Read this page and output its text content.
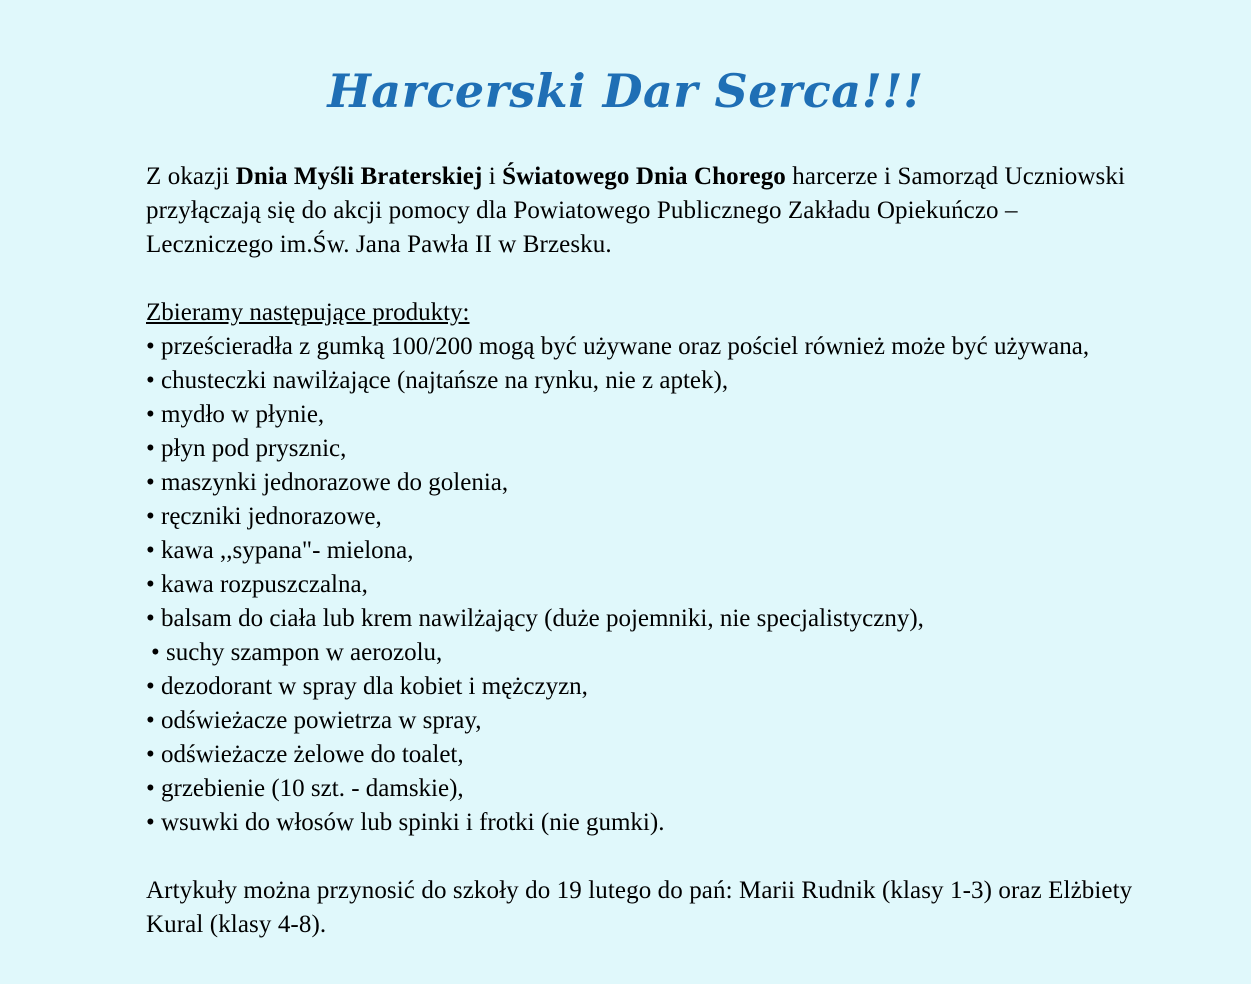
Harcerski Dar Serca!!!

Z okazji Dnia Myśli Braterskiej i Światowego Dnia Chorego harcerze i Samorząd Uczniowski przyłączają się do akcji pomocy dla Powiatowego Publicznego Zakładu Opiekuńczo – Leczniczego im.Św. Jana Pawła II w Brzesku.

Zbieramy następujące produkty:

• prześcieradła z gumką 100/200 mogą być używane oraz pościel również może być używana,
• chusteczki nawilżające (najtańsze na rynku, nie z aptek),
• mydło w płynie,
• płyn pod prysznic,
• maszynki jednorazowe do golenia,
• ręczniki jednorazowe,
• kawa ,,sypana"- mielona,
• kawa rozpuszczalna,
• balsam do ciała lub krem nawilżający (duże pojemniki, nie specjalistyczny),
• suchy szampon w aerozolu,
• dezodorant w spray dla kobiet i mężczyzn,
• odświeżacze powietrza w spray,
• odświeżacze żelowe do toalet,
• grzebienie (10 szt. - damskie),
• wsuwki do włosów lub spinki i frotki (nie gumki).

Artykuły można przynosić do szkoły do 19 lutego do pań: Marii Rudnik (klasy 1-3) oraz Elżbiety Kural (klasy 4-8).
